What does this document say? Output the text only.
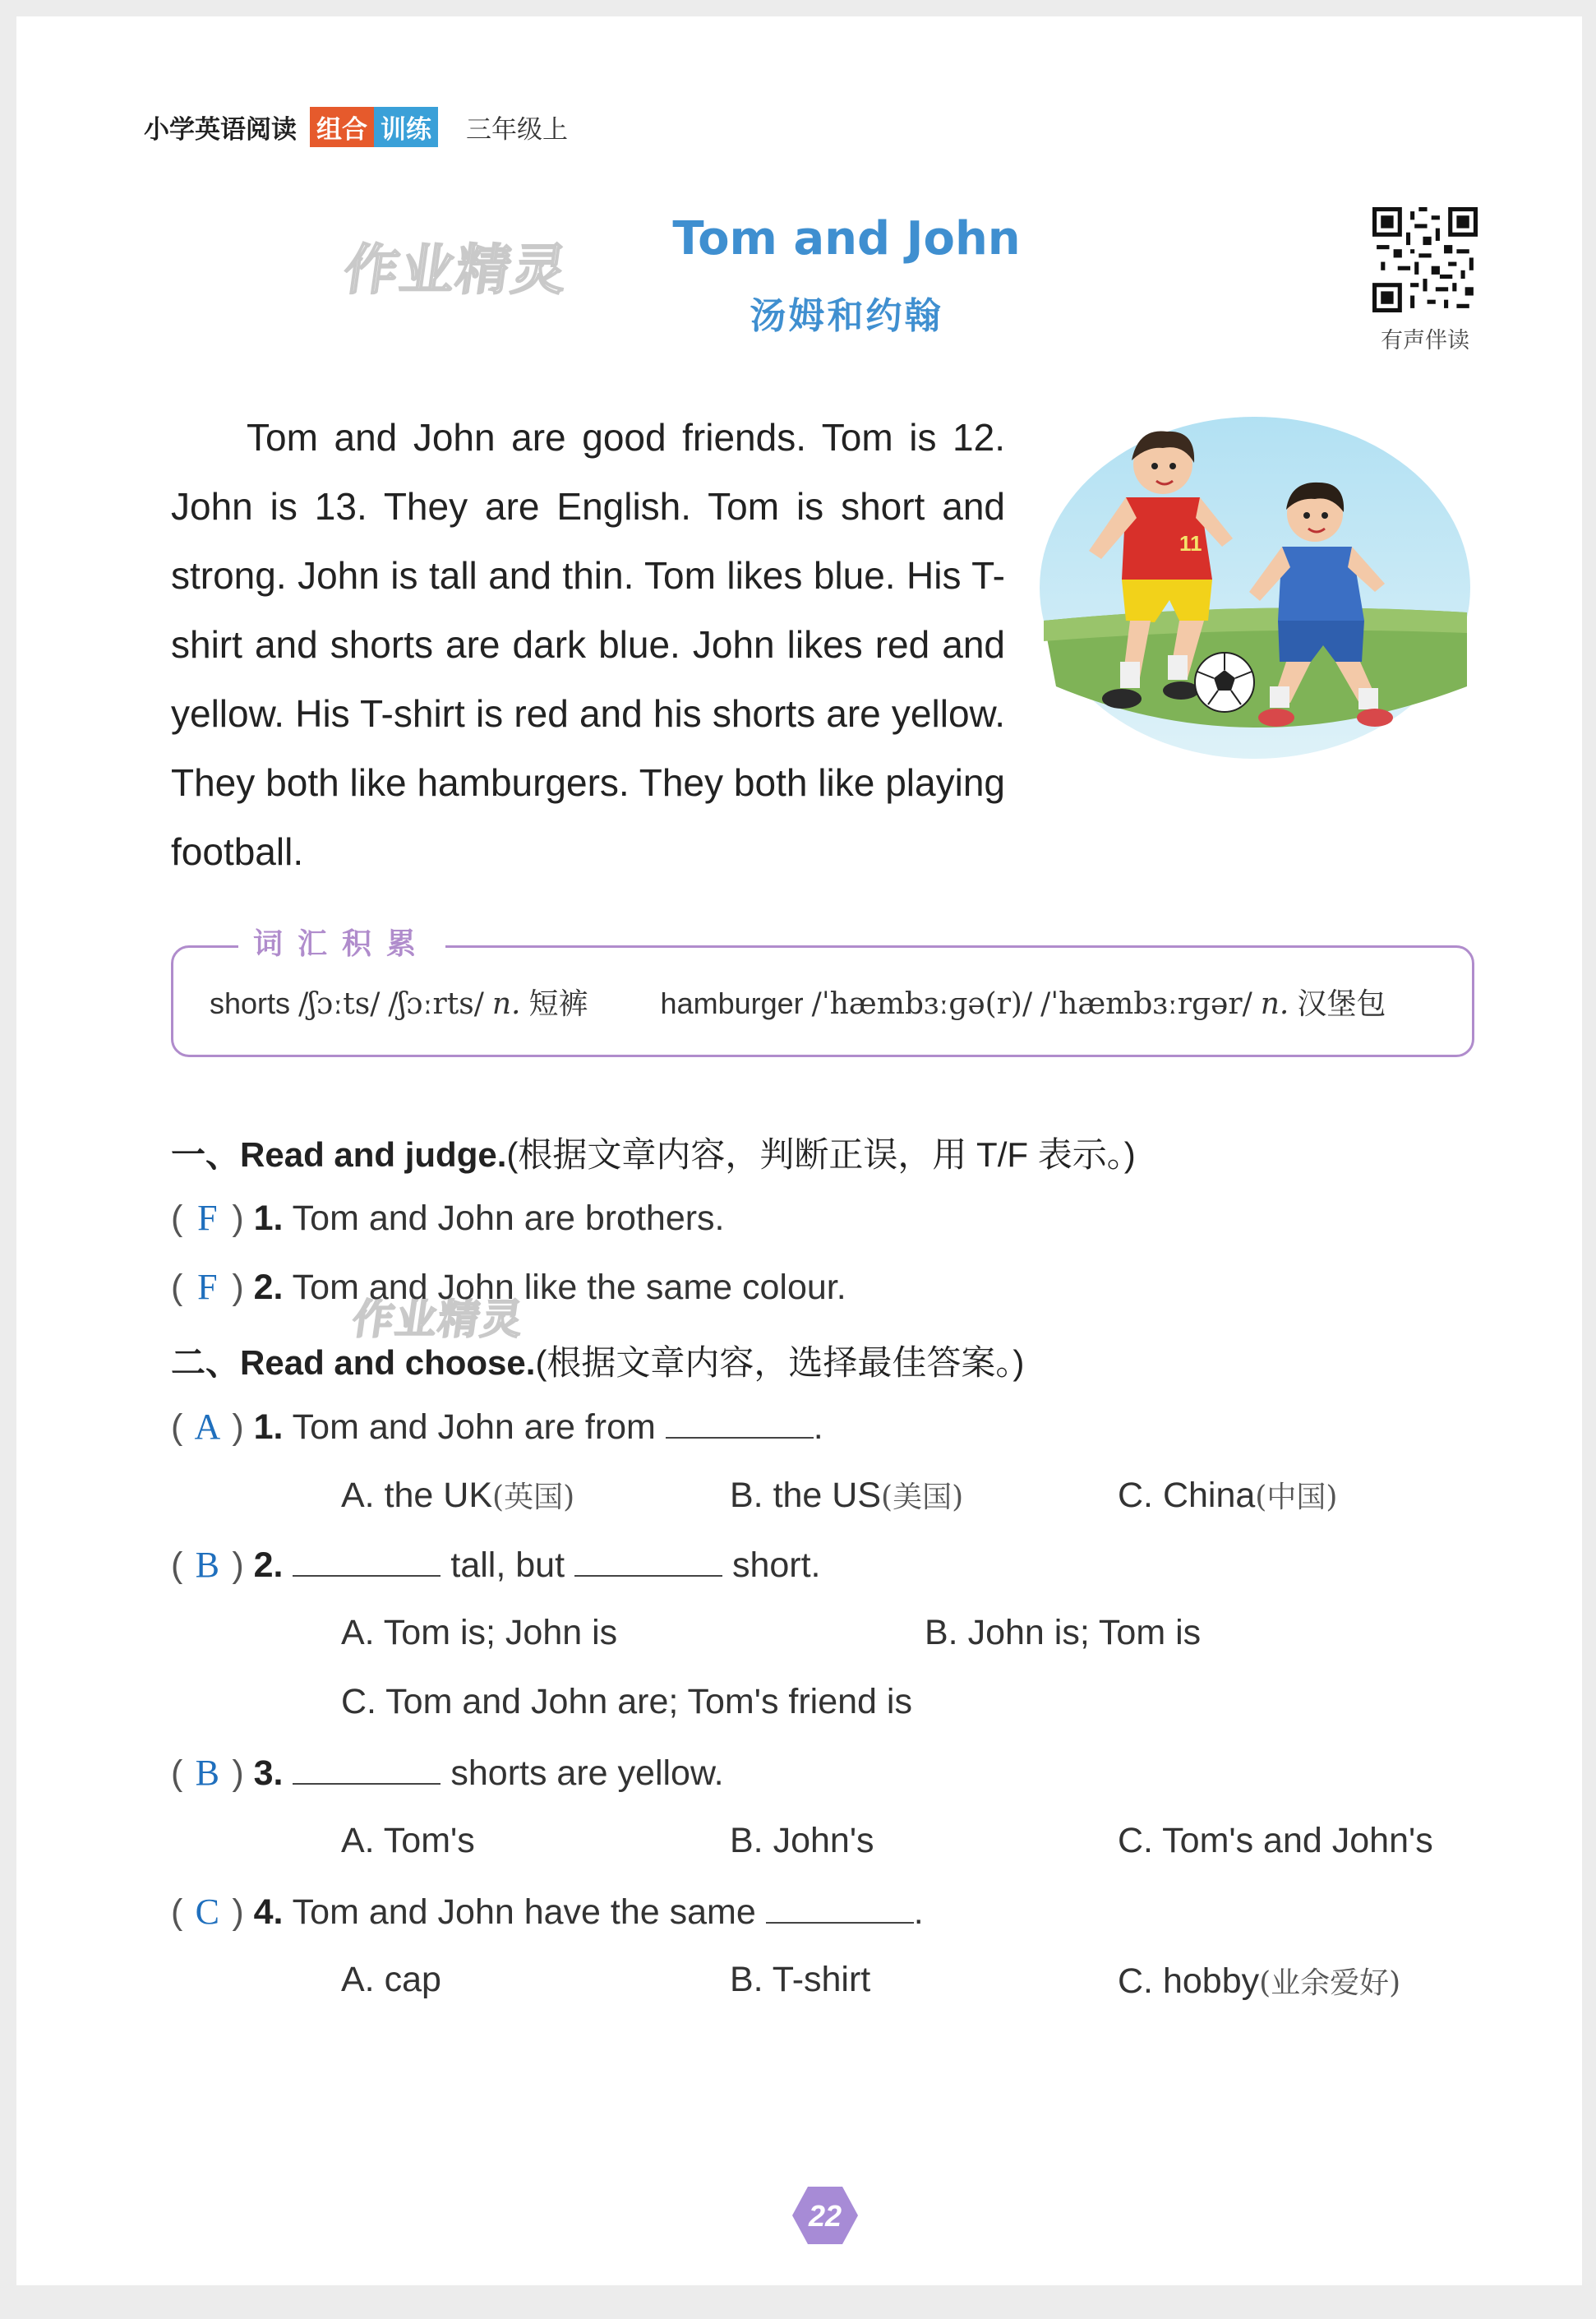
小学英语阅读 组合 训练 三年级上
作业精灵
作业精灵
Tom and John
汤姆和约翰
有声伴读

Tom and John are good friends. Tom is 12. John is 13. They are English. Tom is short and strong. John is tall and thin. Tom likes blue. His T-shirt and shorts are dark blue. John likes red and yellow. His T-shirt is red and his shorts are yellow. They both like hamburgers. They both like playing football.

11
词汇积累
shorts /ʃɔːts/ /ʃɔːrts/ n. 短裤 hamburger /ˈhæmbɜːɡə(r)/ /ˈhæmbɜːrɡər/ n. 汉堡包
一、Read and judge.(根据文章内容，判断正误，用 T/F 表示。)
( F ) 1. Tom and John are brothers.
( F ) 2. Tom and John like the same colour.
二、Read and choose.(根据文章内容，选择最佳答案。)
( A ) 1. Tom and John are from	.
A. the UK(英国)	B. the US(美国)	C. China(中国)
( B ) 2.	tall, but	short.
A. Tom is; John is	B. John is; Tom is
C. Tom and John are; Tom's friend is
( B ) 3.	shorts are yellow.
A. Tom's	B. John's	C. Tom's and John's
( C ) 4. Tom and John have the same	.
A. cap	B. T-shirt	C. hobby(业余爱好)
22
